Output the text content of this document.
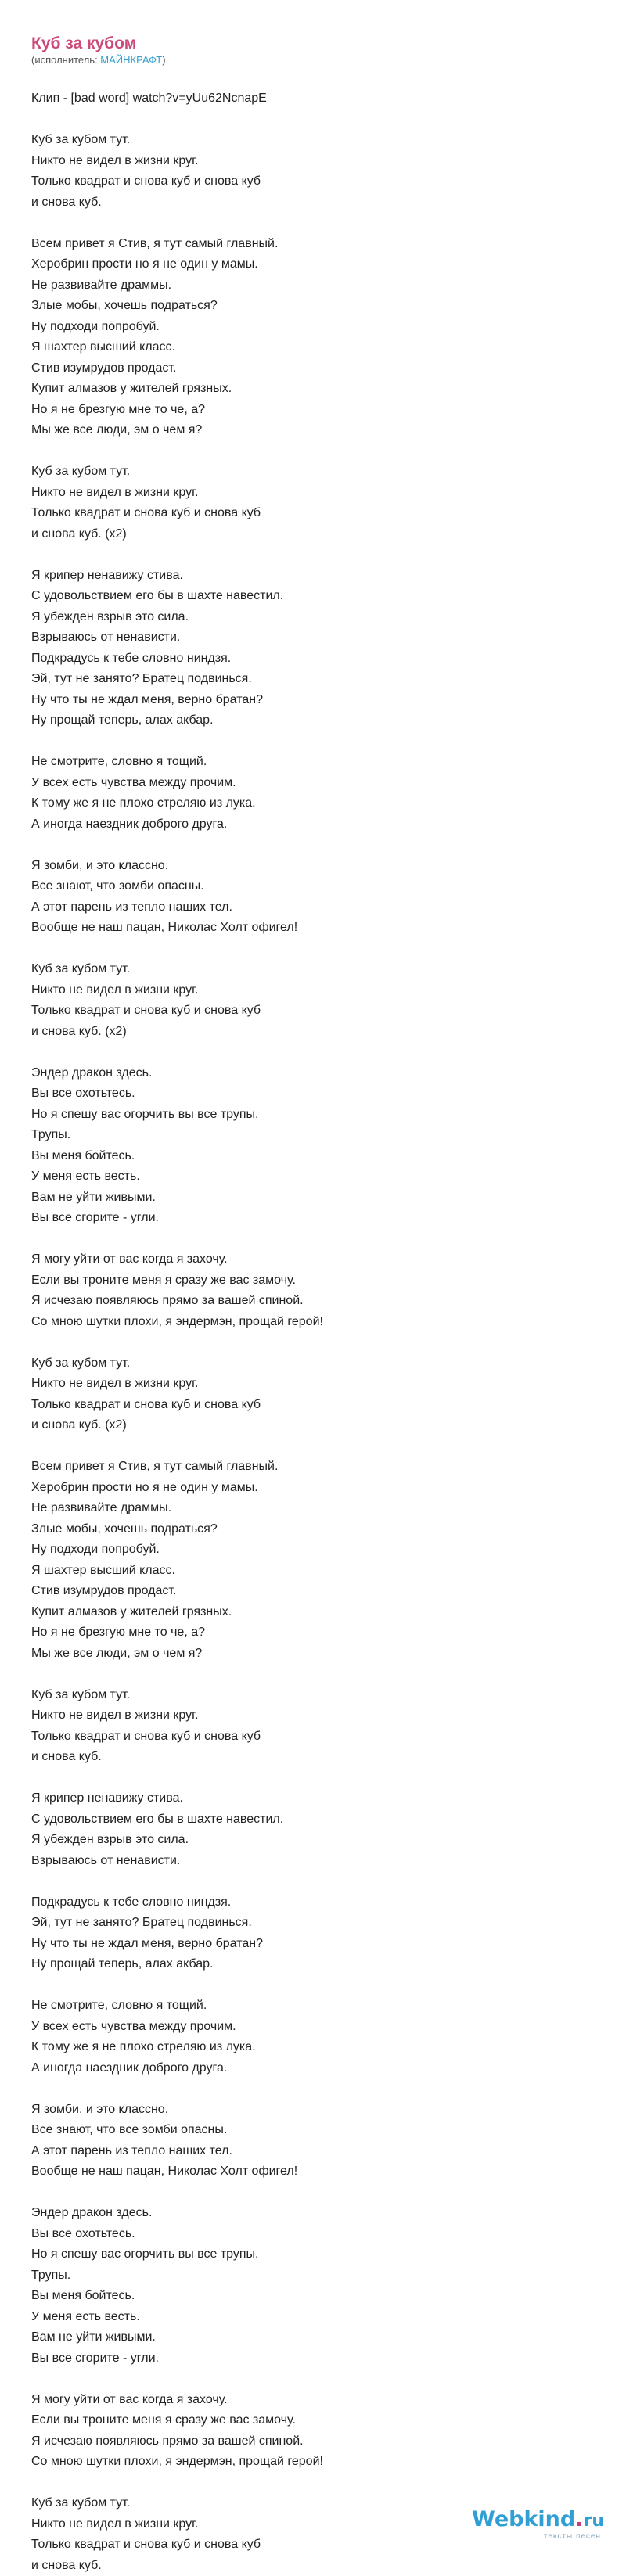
Куб за кубом
(исполнитель: МАЙНКРАФТ)
Клип - [bad word] watch?v=yUu62NcnapE
Куб за кубом тут.
Никто не видел в жизни круг.
Только квадрат и снова куб и снова куб
и снова куб.
Всем привет я Стив, я тут самый главный.
Херобрин прости но я не один у мамы.
Не развивайте драммы.
Злые мобы, хочешь подраться?
Ну подходи попробуй.
Я шахтер высший класс.
Стив изумрудов продаст.
Купит алмазов у жителей грязных.
Но я не брезгую мне то че, а?
Мы же все люди, эм о чем я?
Куб за кубом тут.
Никто не видел в жизни круг.
Только квадрат и снова куб и снова куб
и снова куб. (x2)
Я крипер ненавижу стива.
С удовольствием его бы в шахте навестил.
Я убежден взрыв это сила.
Взрываюсь от ненависти.
Подкрадусь к тебе словно ниндзя.
Эй, тут не занято? Братец подвинься.
Ну что ты не ждал меня, верно братан?
Ну прощай теперь, алах акбар.
Не смотрите, словно я тощий.
У всех есть чувства между прочим.
К тому же я не плохо стреляю из лука.
А иногда наездник доброго друга.
Я зомби, и это классно.
Все знают, что зомби опасны.
А этот парень из тепло наших тел.
Вообще не наш пацан, Николас Холт офигел!
Куб за кубом тут.
Никто не видел в жизни круг.
Только квадрат и снова куб и снова куб
и снова куб. (x2)
Эндер дракон здесь.
Вы все охотьтесь.
Но я спешу вас огорчить вы все трупы.
Трупы.
Вы меня бойтесь.
У меня есть весть.
Вам не уйти живыми.
Вы все сгорите - угли.
Я могу уйти от вас когда я захочу.
Если вы троните меня я сразу же вас замочу.
Я исчезаю появляюсь прямо за вашей спиной.
Со мною шутки плохи, я эндермэн, прощай герой!
Куб за кубом тут.
Никто не видел в жизни круг.
Только квадрат и снова куб и снова куб
и снова куб. (x2)
Всем привет я Стив, я тут самый главный.
Херобрин прости но я не один у мамы.
Не развивайте драммы.
Злые мобы, хочешь подраться?
Ну подходи попробуй.
Я шахтер высший класс.
Стив изумрудов продаст.
Купит алмазов у жителей грязных.
Но я не брезгую мне то че, а?
Мы же все люди, эм о чем я?
Куб за кубом тут.
Никто не видел в жизни круг.
Только квадрат и снова куб и снова куб
и снова куб.
Я крипер ненавижу стива.
С удовольствием его бы в шахте навестил.
Я убежден взрыв это сила.
Взрываюсь от ненависти.
Подкрадусь к тебе словно ниндзя.
Эй, тут не занято? Братец подвинься.
Ну что ты не ждал меня, верно братан?
Ну прощай теперь, алах акбар.
Не смотрите, словно я тощий.
У всех есть чувства между прочим.
К тому же я не плохо стреляю из лука.
А иногда наездник доброго друга.
Я зомби, и это классно.
Все знают, что все зомби опасны.
А этот парень из тепло наших тел.
Вообще не наш пацан, Николас Холт офигел!
Эндер дракон здесь.
Вы все охотьтесь.
Но я спешу вас огорчить вы все трупы.
Трупы.
Вы меня бойтесь.
У меня есть весть.
Вам не уйти живыми.
Вы все сгорите - угли.
Я могу уйти от вас когда я захочу.
Если вы троните меня я сразу же вас замочу.
Я исчезаю появляюсь прямо за вашей спиной.
Со мною шутки плохи, я эндермэн, прощай герой!
Куб за кубом тут.
Никто не видел в жизни круг.
Только квадрат и снова куб и снова куб
и снова куб.
Webkind.ru
тексты песен
